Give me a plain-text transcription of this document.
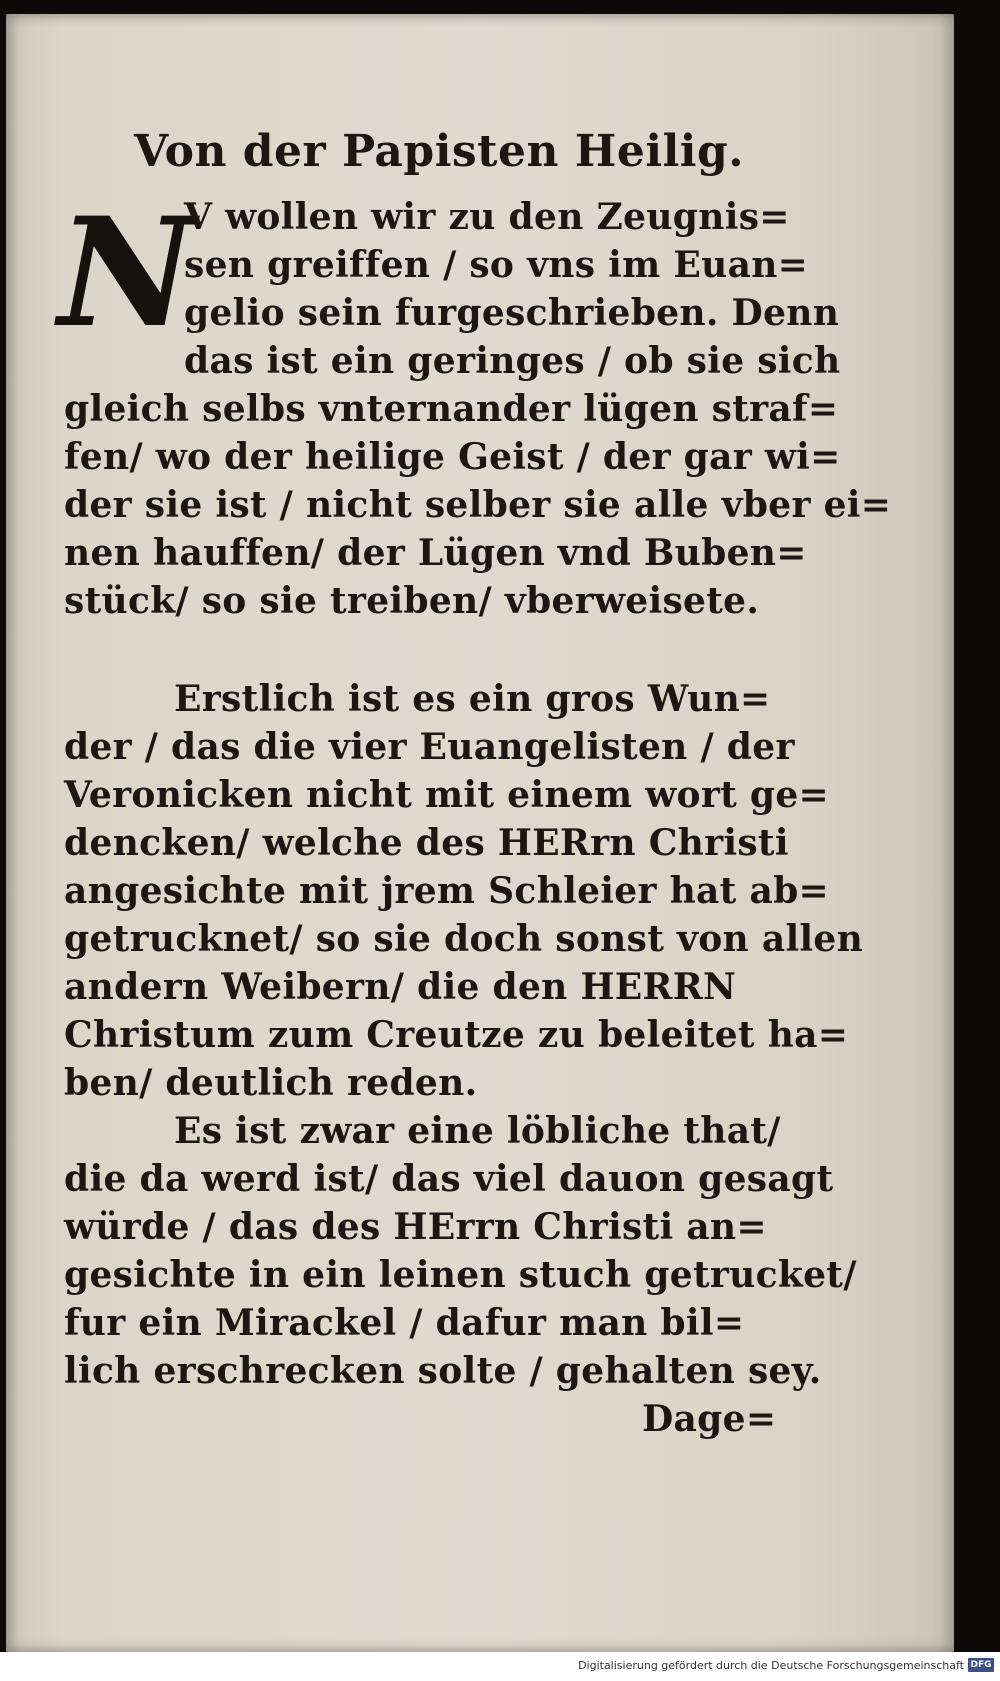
Von der Papisten Heilig.
N
V wollen wir zu den Zeugnis=
sen greiffen / so vns im Euan=
gelio sein furgeschrieben. Denn
das ist ein geringes / ob sie sich
gleich selbs vnternander lügen straf=
fen/ wo der heilige Geist / der gar wi=
der sie ist / nicht selber sie alle vber ei=
nen hauffen/ der Lügen vnd Buben=
stück/ so sie treiben/ vberweisete.
Erstlich ist es ein gros Wun=
der / das die vier Euangelisten / der
Veronicken nicht mit einem wort ge=
dencken/ welche des HERrn Christi
angesichte mit jrem Schleier hat ab=
getrucknet/ so sie doch sonst von allen
andern Weibern/ die den HERRN
Christum zum Creutze zu beleitet ha=
ben/ deutlich reden.
Es ist zwar eine löbliche that/
die da werd ist/ das viel dauon gesagt
würde / das des HErrn Christi an=
gesichte in ein leinen stuch getrucket/
fur ein Mirackel / dafur man bil=
lich erschrecken solte / gehalten sey.
Dage=
Digitalisierung gefördert durch die Deutsche Forschungsgemeinschaft DFG
